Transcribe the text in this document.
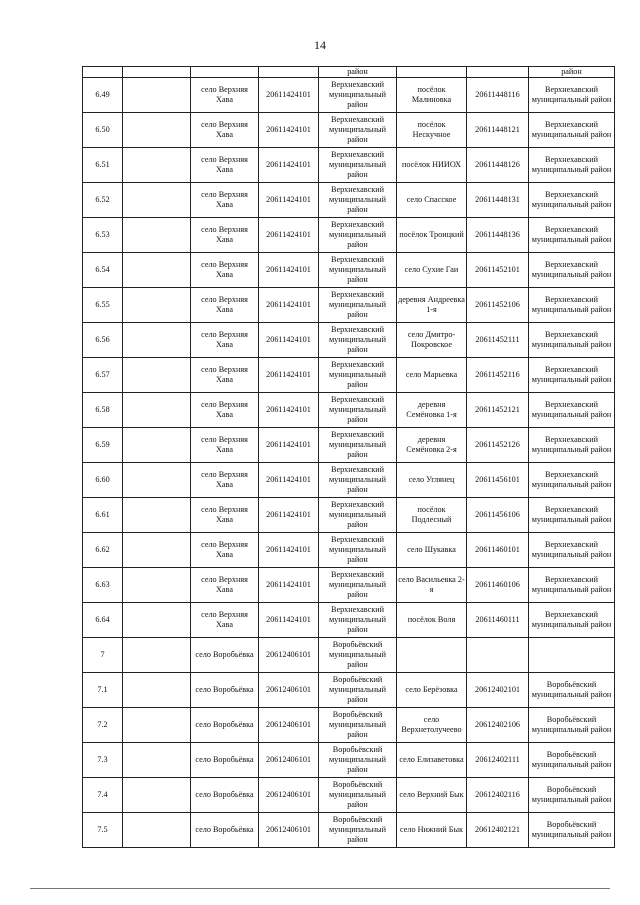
14
				район			район
6.49		село Верхняя Хава	20611424101	Верхнехавский муниципальный район	посёлок Малиновка	20611448116	Верхнехавский муниципальный район
6.50		село Верхняя Хава	20611424101	Верхнехавский муниципальный район	посёлок Нескучное	20611448121	Верхнехавский муниципальный район
6.51		село Верхняя Хава	20611424101	Верхнехавский муниципальный район	посёлок НИИОХ	20611448126	Верхнехавский муниципальный район
6.52		село Верхняя Хава	20611424101	Верхнехавский муниципальный район	село Спасское	20611448131	Верхнехавский муниципальный район
6.53		село Верхняя Хава	20611424101	Верхнехавский муниципальный район	посёлок Троицкий	20611448136	Верхнехавский муниципальный район
6.54		село Верхняя Хава	20611424101	Верхнехавский муниципальный район	село Сухие Гаи	20611452101	Верхнехавский муниципальный район
6.55		село Верхняя Хава	20611424101	Верхнехавский муниципальный район	деревня Андреевка 1-я	20611452106	Верхнехавский муниципальный район
6.56		село Верхняя Хава	20611424101	Верхнехавский муниципальный район	село Дмитро-Покровское	20611452111	Верхнехавский муниципальный район
6.57		село Верхняя Хава	20611424101	Верхнехавский муниципальный район	село Марьевка	20611452116	Верхнехавский муниципальный район
6.58		село Верхняя Хава	20611424101	Верхнехавский муниципальный район	деревня Семёновка 1-я	20611452121	Верхнехавский муниципальный район
6.59		село Верхняя Хава	20611424101	Верхнехавский муниципальный район	деревня Семёновка 2-я	20611452126	Верхнехавский муниципальный район
6.60		село Верхняя Хава	20611424101	Верхнехавский муниципальный район	село Углянец	20611456101	Верхнехавский муниципальный район
6.61		село Верхняя Хава	20611424101	Верхнехавский муниципальный район	посёлок Подлесный	20611456106	Верхнехавский муниципальный район
6.62		село Верхняя Хава	20611424101	Верхнехавский муниципальный район	село Шукавка	20611460101	Верхнехавский муниципальный район
6.63		село Верхняя Хава	20611424101	Верхнехавский муниципальный район	село Васильевка 2-я	20611460106	Верхнехавский муниципальный район
6.64		село Верхняя Хава	20611424101	Верхнехавский муниципальный район	посёлок Воля	20611460111	Верхнехавский муниципальный район
7		село Воробьёвка	20612406101	Воробьёвский муниципальный район			
7.1		село Воробьёвка	20612406101	Воробьёвский муниципальный район	село Берёзовка	20612402101	Воробьёвский муниципальный район
7.2		село Воробьёвка	20612406101	Воробьёвский муниципальный район	село Верхнетолучеево	20612402106	Воробьёвский муниципальный район
7.3		село Воробьёвка	20612406101	Воробьёвский муниципальный район	село Елизаветовка	20612402111	Воробьёвский муниципальный район
7.4		село Воробьёвка	20612406101	Воробьёвский муниципальный район	село Верхний Бык	20612402116	Воробьёвский муниципальный район
7.5		село Воробьёвка	20612406101	Воробьёвский муниципальный район	село Нижний Бык	20612402121	Воробьёвский муниципальный район
